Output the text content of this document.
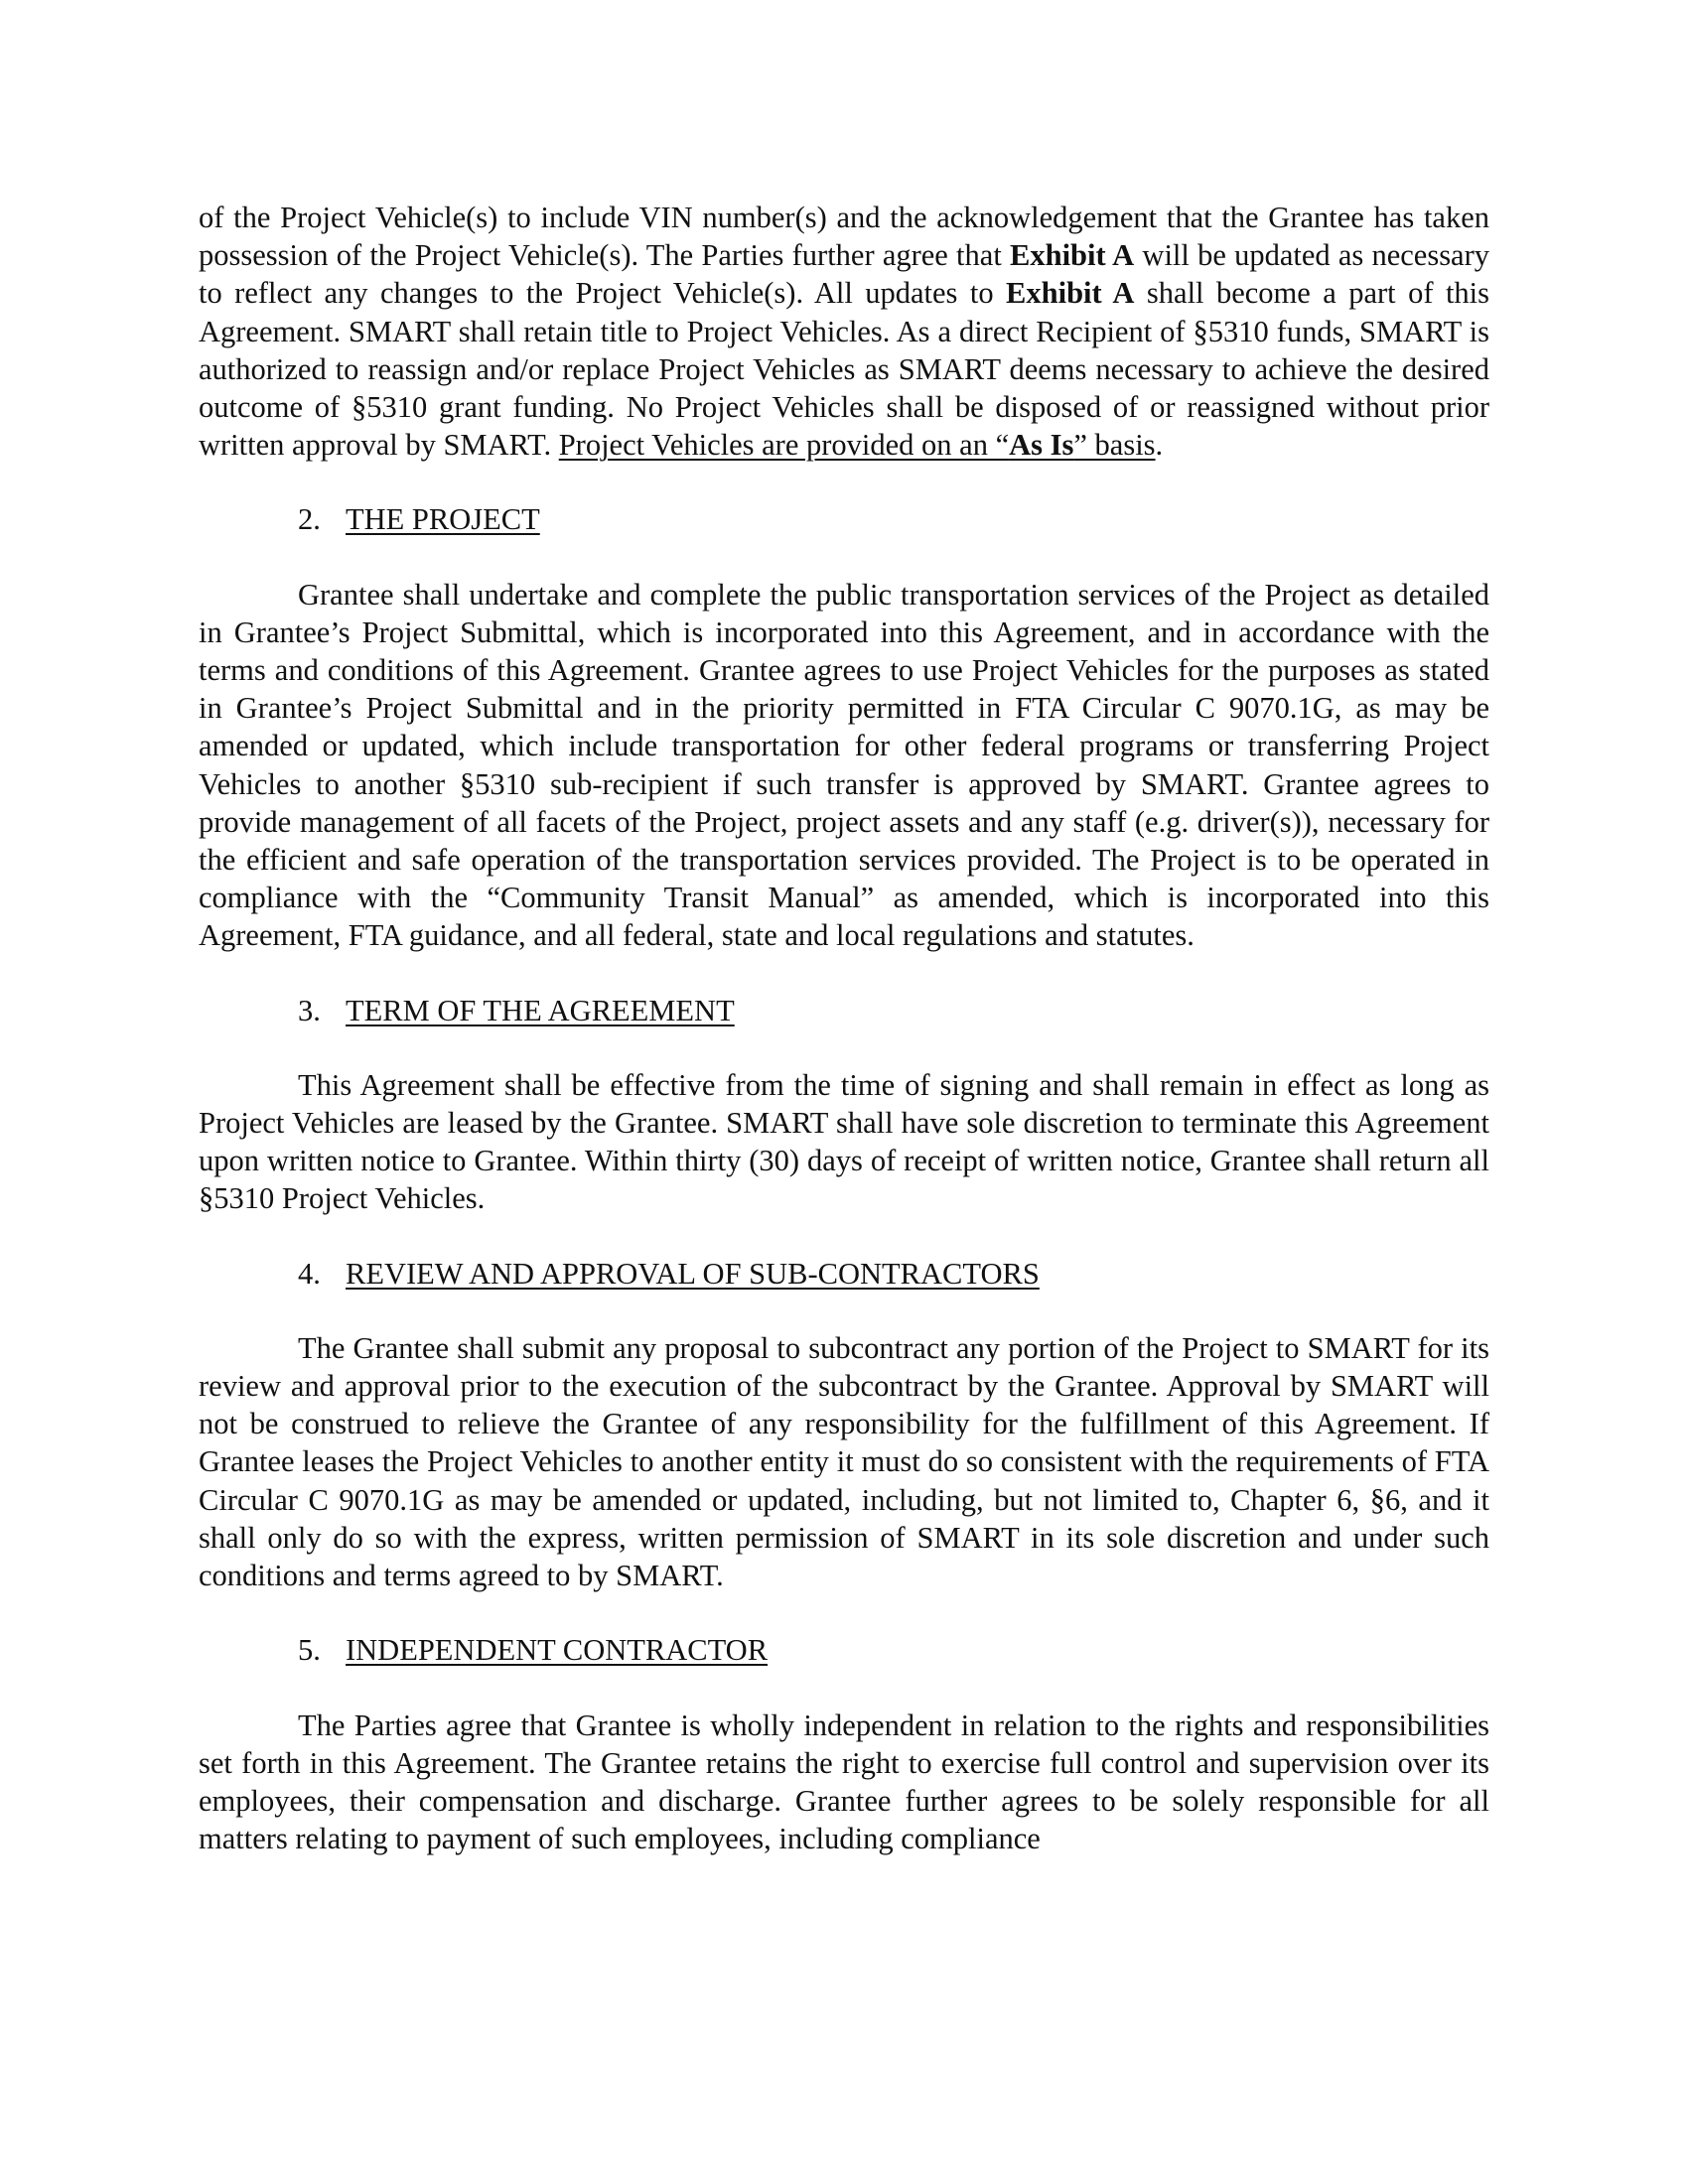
of the Project Vehicle(s) to include VIN number(s) and the acknowledgement that the Grantee has taken possession of the Project Vehicle(s). The Parties further agree that Exhibit A will be updated as necessary to reflect any changes to the Project Vehicle(s). All updates to Exhibit A shall become a part of this Agreement. SMART shall retain title to Project Vehicles. As a direct Recipient of §5310 funds, SMART is authorized to reassign and/or replace Project Vehicles as SMART deems necessary to achieve the desired outcome of §5310 grant funding. No Project Vehicles shall be disposed of or reassigned without prior written approval by SMART. Project Vehicles are provided on an “As Is” basis.

2. THE PROJECT

Grantee shall undertake and complete the public transportation services of the Project as detailed in Grantee’s Project Submittal, which is incorporated into this Agreement, and in accordance with the terms and conditions of this Agreement. Grantee agrees to use Project Vehicles for the purposes as stated in Grantee’s Project Submittal and in the priority permitted in FTA Circular C 9070.1G, as may be amended or updated, which include transportation for other federal programs or transferring Project Vehicles to another §5310 sub-recipient if such transfer is approved by SMART. Grantee agrees to provide management of all facets of the Project, project assets and any staff (e.g. driver(s)), necessary for the efficient and safe operation of the transportation services provided. The Project is to be operated in compliance with the “Community Transit Manual” as amended, which is incorporated into this Agreement, FTA guidance, and all federal, state and local regulations and statutes.

3. TERM OF THE AGREEMENT

This Agreement shall be effective from the time of signing and shall remain in effect as long as Project Vehicles are leased by the Grantee. SMART shall have sole discretion to terminate this Agreement upon written notice to Grantee. Within thirty (30) days of receipt of written notice, Grantee shall return all §5310 Project Vehicles.

4. REVIEW AND APPROVAL OF SUB-CONTRACTORS

The Grantee shall submit any proposal to subcontract any portion of the Project to SMART for its review and approval prior to the execution of the subcontract by the Grantee. Approval by SMART will not be construed to relieve the Grantee of any responsibility for the fulfillment of this Agreement. If Grantee leases the Project Vehicles to another entity it must do so consistent with the requirements of FTA Circular C 9070.1G as may be amended or updated, including, but not limited to, Chapter 6, §6, and it shall only do so with the express, written permission of SMART in its sole discretion and under such conditions and terms agreed to by SMART.

5. INDEPENDENT CONTRACTOR

The Parties agree that Grantee is wholly independent in relation to the rights and responsibilities set forth in this Agreement. The Grantee retains the right to exercise full control and supervision over its employees, their compensation and discharge. Grantee further agrees to be solely responsible for all matters relating to payment of such employees, including compliance
